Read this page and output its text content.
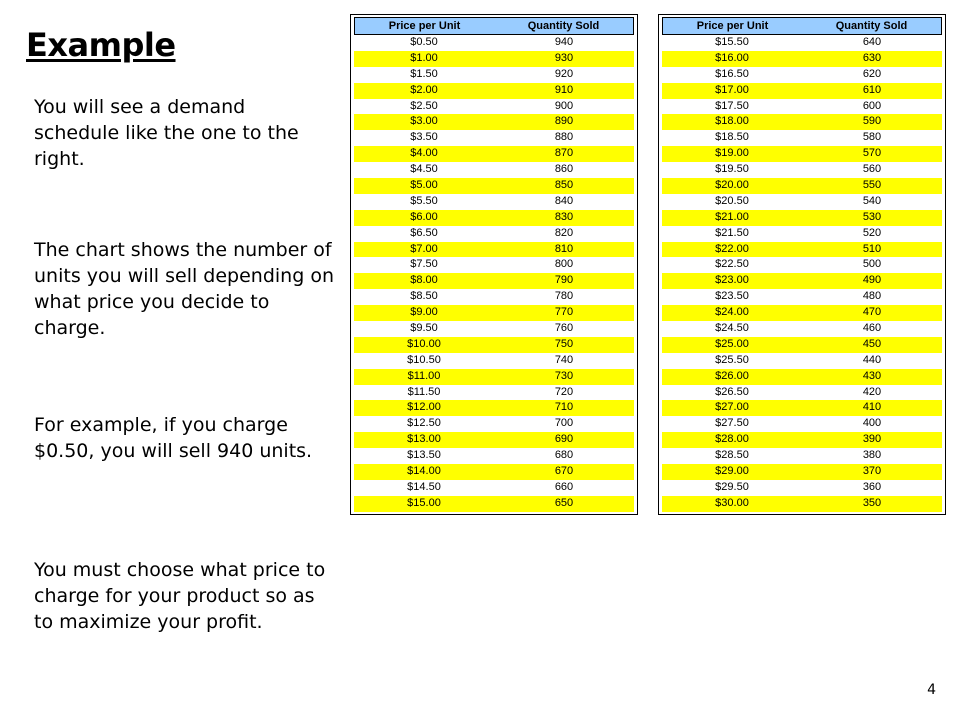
Example

You will see a demand schedule like the one to the right.

The chart shows the number of units you will sell depending on what price you decide to charge.

For example, if you charge $0.50, you will sell 940 units.

You must choose what price to charge for your product so as to maximize your profit.

Price per Unit	Quantity Sold
$0.50	940
$1.00	930
$1.50	920
$2.00	910
$2.50	900
$3.00	890
$3.50	880
$4.00	870
$4.50	860
$5.00	850
$5.50	840
$6.00	830
$6.50	820
$7.00	810
$7.50	800
$8.00	790
$8.50	780
$9.00	770
$9.50	760
$10.00	750
$10.50	740
$11.00	730
$11.50	720
$12.00	710
$12.50	700
$13.00	690
$13.50	680
$14.00	670
$14.50	660
$15.00	650
Price per Unit	Quantity Sold
$15.50	640
$16.00	630
$16.50	620
$17.00	610
$17.50	600
$18.00	590
$18.50	580
$19.00	570
$19.50	560
$20.00	550
$20.50	540
$21.00	530
$21.50	520
$22.00	510
$22.50	500
$23.00	490
$23.50	480
$24.00	470
$24.50	460
$25.00	450
$25.50	440
$26.00	430
$26.50	420
$27.00	410
$27.50	400
$28.00	390
$28.50	380
$29.00	370
$29.50	360
$30.00	350
4
